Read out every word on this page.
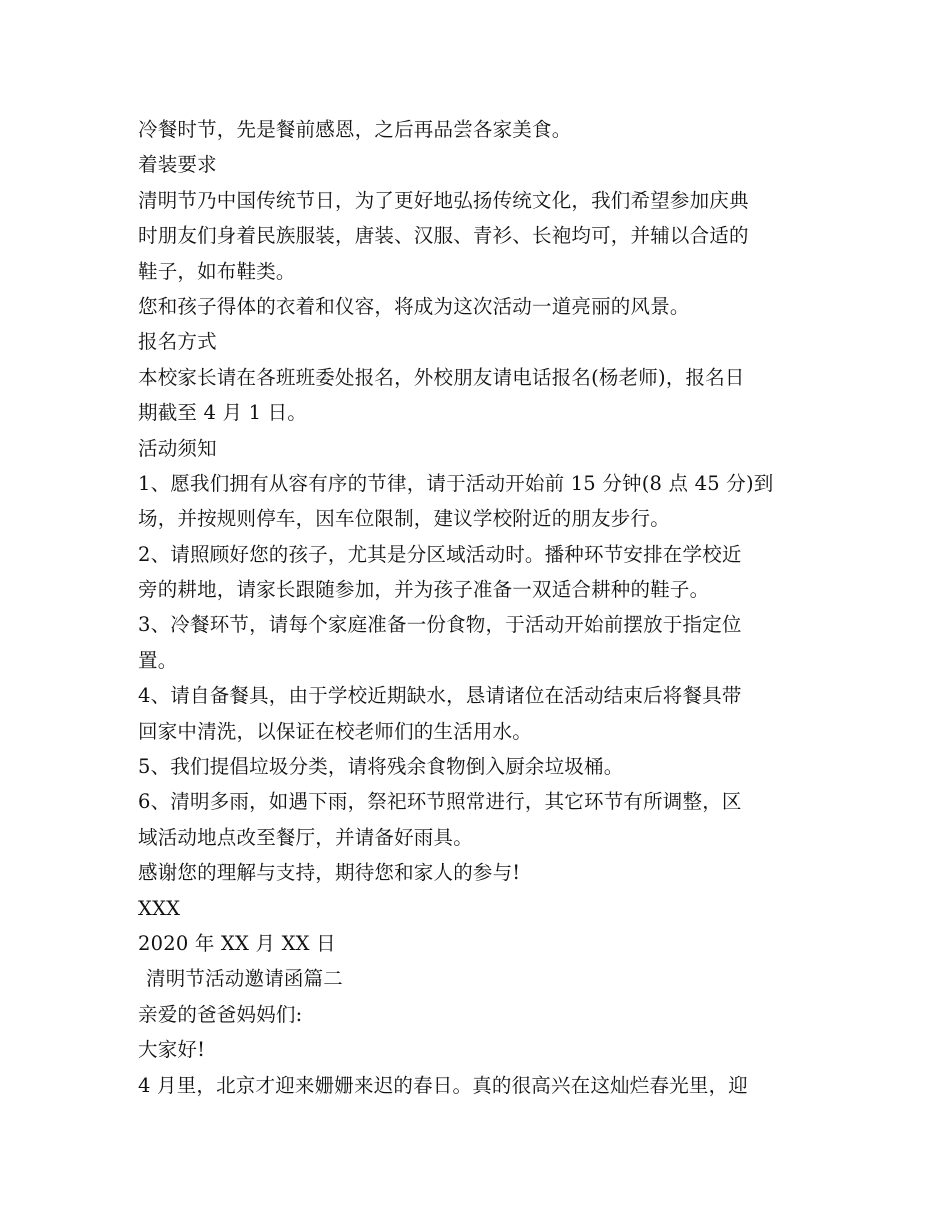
冷餐时节，先是餐前感恩，之后再品尝各家美食。
着装要求
清明节乃中国传统节日，为了更好地弘扬传统文化，我们希望参加庆典
时朋友们身着民族服装，唐装、汉服、青衫、长袍均可，并辅以合适的
鞋子，如布鞋类。
您和孩子得体的衣着和仪容，将成为这次活动一道亮丽的风景。
报名方式
本校家长请在各班班委处报名，外校朋友请电话报名(杨老师)，报名日
期截至 4 月 1 日。
活动须知
1、愿我们拥有从容有序的节律，请于活动开始前 15 分钟(8 点 45 分)到
场，并按规则停车，因车位限制，建议学校附近的朋友步行。
2、请照顾好您的孩子，尤其是分区域活动时。播种环节安排在学校近
旁的耕地，请家长跟随参加，并为孩子准备一双适合耕种的鞋子。
3、冷餐环节，请每个家庭准备一份食物，于活动开始前摆放于指定位
置。
4、请自备餐具，由于学校近期缺水，恳请诸位在活动结束后将餐具带
回家中清洗，以保证在校老师们的生活用水。
5、我们提倡垃圾分类，请将残余食物倒入厨余垃圾桶。
6、清明多雨，如遇下雨，祭祀环节照常进行，其它环节有所调整，区
域活动地点改至餐厅，并请备好雨具。
感谢您的理解与支持，期待您和家人的参与!
XXX
2020 年 XX 月 XX 日
清明节活动邀请函篇二
亲爱的爸爸妈妈们:
大家好!
4 月里，北京才迎来姗姗来迟的春日。真的很高兴在这灿烂春光里，迎
